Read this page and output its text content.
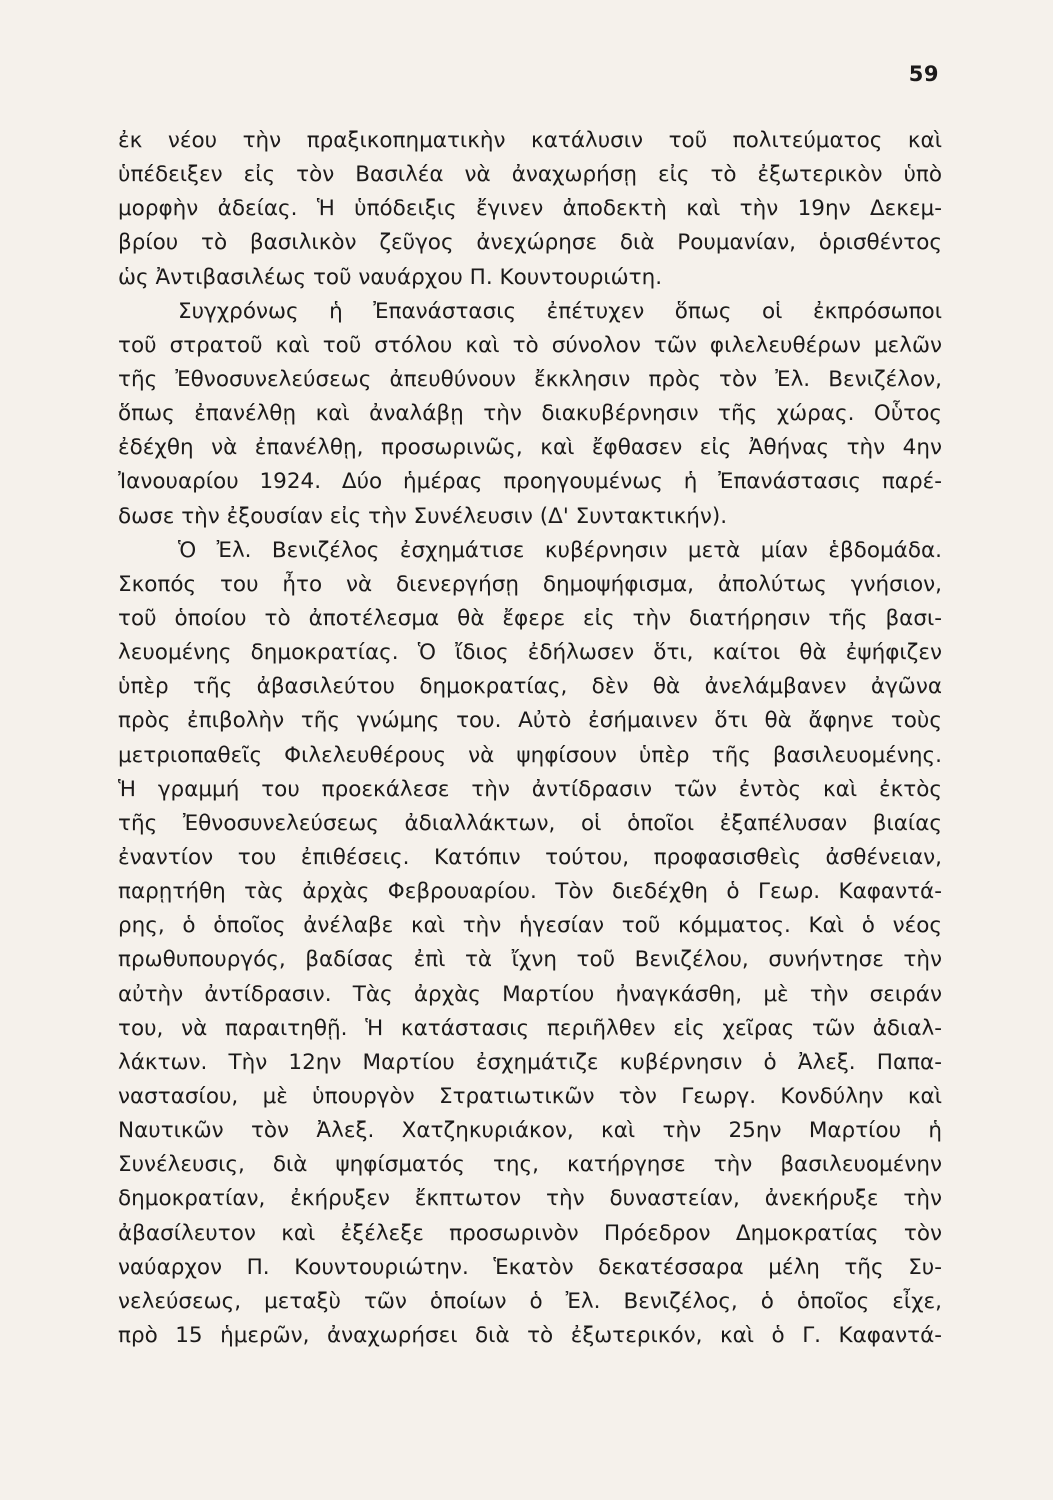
59
ἐκ νέου τὴν πραξικοπηματικὴν κατάλυσιν τοῦ πολιτεύματος καὶ
ὑπέδειξεν εἰς τὸν Βασιλέα νὰ ἀναχωρήσῃ εἰς τὸ ἐξωτερικὸν ὑπὸ
μορφὴν ἀδείας. Ἡ ὑπόδειξις ἔγινεν ἀποδεκτὴ καὶ τὴν 19ην Δεκεμ-
βρίου τὸ βασιλικὸν ζεῦγος ἀνεχώρησε διὰ Ρουμανίαν, ὁρισθέντος
ὡς Ἀντιβασιλέως τοῦ ναυάρχου Π. Κουντουριώτη.
Συγχρόνως ἡ Ἐπανάστασις ἐπέτυχεν ὅπως οἱ ἐκπρόσωποι
τοῦ στρατοῦ καὶ τοῦ στόλου καὶ τὸ σύνολον τῶν φιλελευθέρων μελῶν
τῆς Ἐθνοσυνελεύσεως ἀπευθύνουν ἔκκλησιν πρὸς τὸν Ἐλ. Βενιζέλον,
ὅπως ἐπανέλθῃ καὶ ἀναλάβῃ τὴν διακυβέρνησιν τῆς χώρας. Οὗτος
ἐδέχθη νὰ ἐπανέλθῃ, προσωρινῶς, καὶ ἔφθασεν εἰς Ἀθήνας τὴν 4ην
Ἰανουαρίου 1924. Δύο ἡμέρας προηγουμένως ἡ Ἐπανάστασις παρέ-
δωσε τὴν ἐξουσίαν εἰς τὴν Συνέλευσιν (Δ' Συντακτικήν).
Ὁ Ἐλ. Βενιζέλος ἐσχημάτισε κυβέρνησιν μετὰ μίαν ἑβδομάδα.
Σκοπός του ἦτο νὰ διενεργήσῃ δημοψήφισμα, ἀπολύτως γνήσιον,
τοῦ ὁποίου τὸ ἀποτέλεσμα θὰ ἔφερε εἰς τὴν διατήρησιν τῆς βασι-
λευομένης δημοκρατίας. Ὁ ἴδιος ἐδήλωσεν ὅτι, καίτοι θὰ ἐψήφιζεν
ὑπὲρ τῆς ἀβασιλεύτου δημοκρατίας, δὲν θὰ ἀνελάμβανεν ἀγῶνα
πρὸς ἐπιβολὴν τῆς γνώμης του. Αὐτὸ ἐσήμαινεν ὅτι θὰ ἄφηνε τοὺς
μετριοπαθεῖς Φιλελευθέρους νὰ ψηφίσουν ὑπὲρ τῆς βασιλευομένης.
Ἡ γραμμή του προεκάλεσε τὴν ἀντίδρασιν τῶν ἐντὸς καὶ ἐκτὸς
τῆς Ἐθνοσυνελεύσεως ἀδιαλλάκτων, οἱ ὁποῖοι ἐξαπέλυσαν βιαίας
ἐναντίον του ἐπιθέσεις. Κατόπιν τούτου, προφασισθεὶς ἀσθένειαν,
παρῃτήθη τὰς ἀρχὰς Φεβρουαρίου. Τὸν διεδέχθη ὁ Γεωρ. Καφαντά-
ρης, ὁ ὁποῖος ἀνέλαβε καὶ τὴν ἡγεσίαν τοῦ κόμματος. Καὶ ὁ νέος
πρωθυπουργός, βαδίσας ἐπὶ τὰ ἴχνη τοῦ Βενιζέλου, συνήντησε τὴν
αὐτὴν ἀντίδρασιν. Τὰς ἀρχὰς Μαρτίου ἠναγκάσθη, μὲ τὴν σειράν
του, νὰ παραιτηθῇ. Ἡ κατάστασις περιῆλθεν εἰς χεῖρας τῶν ἀδιαλ-
λάκτων. Τὴν 12ην Μαρτίου ἐσχημάτιζε κυβέρνησιν ὁ Ἀλεξ. Παπα-
ναστασίου, μὲ ὑπουργὸν Στρατιωτικῶν τὸν Γεωργ. Κονδύλην καὶ
Ναυτικῶν τὸν Ἀλεξ. Χατζηκυριάκον, καὶ τὴν 25ην Μαρτίου ἡ
Συνέλευσις, διὰ ψηφίσματός της, κατήργησε τὴν βασιλευομένην
δημοκρατίαν, ἐκήρυξεν ἔκπτωτον τὴν δυναστείαν, ἀνεκήρυξε τὴν
ἀβασίλευτον καὶ ἐξέλεξε προσωρινὸν Πρόεδρον Δημοκρατίας τὸν
ναύαρχον Π. Κουντουριώτην. Ἑκατὸν δεκατέσσαρα μέλη τῆς Συ-
νελεύσεως, μεταξὺ τῶν ὁποίων ὁ Ἐλ. Βενιζέλος, ὁ ὁποῖος εἶχε,
πρὸ 15 ἡμερῶν, ἀναχωρήσει διὰ τὸ ἐξωτερικόν, καὶ ὁ Γ. Καφαντά-
